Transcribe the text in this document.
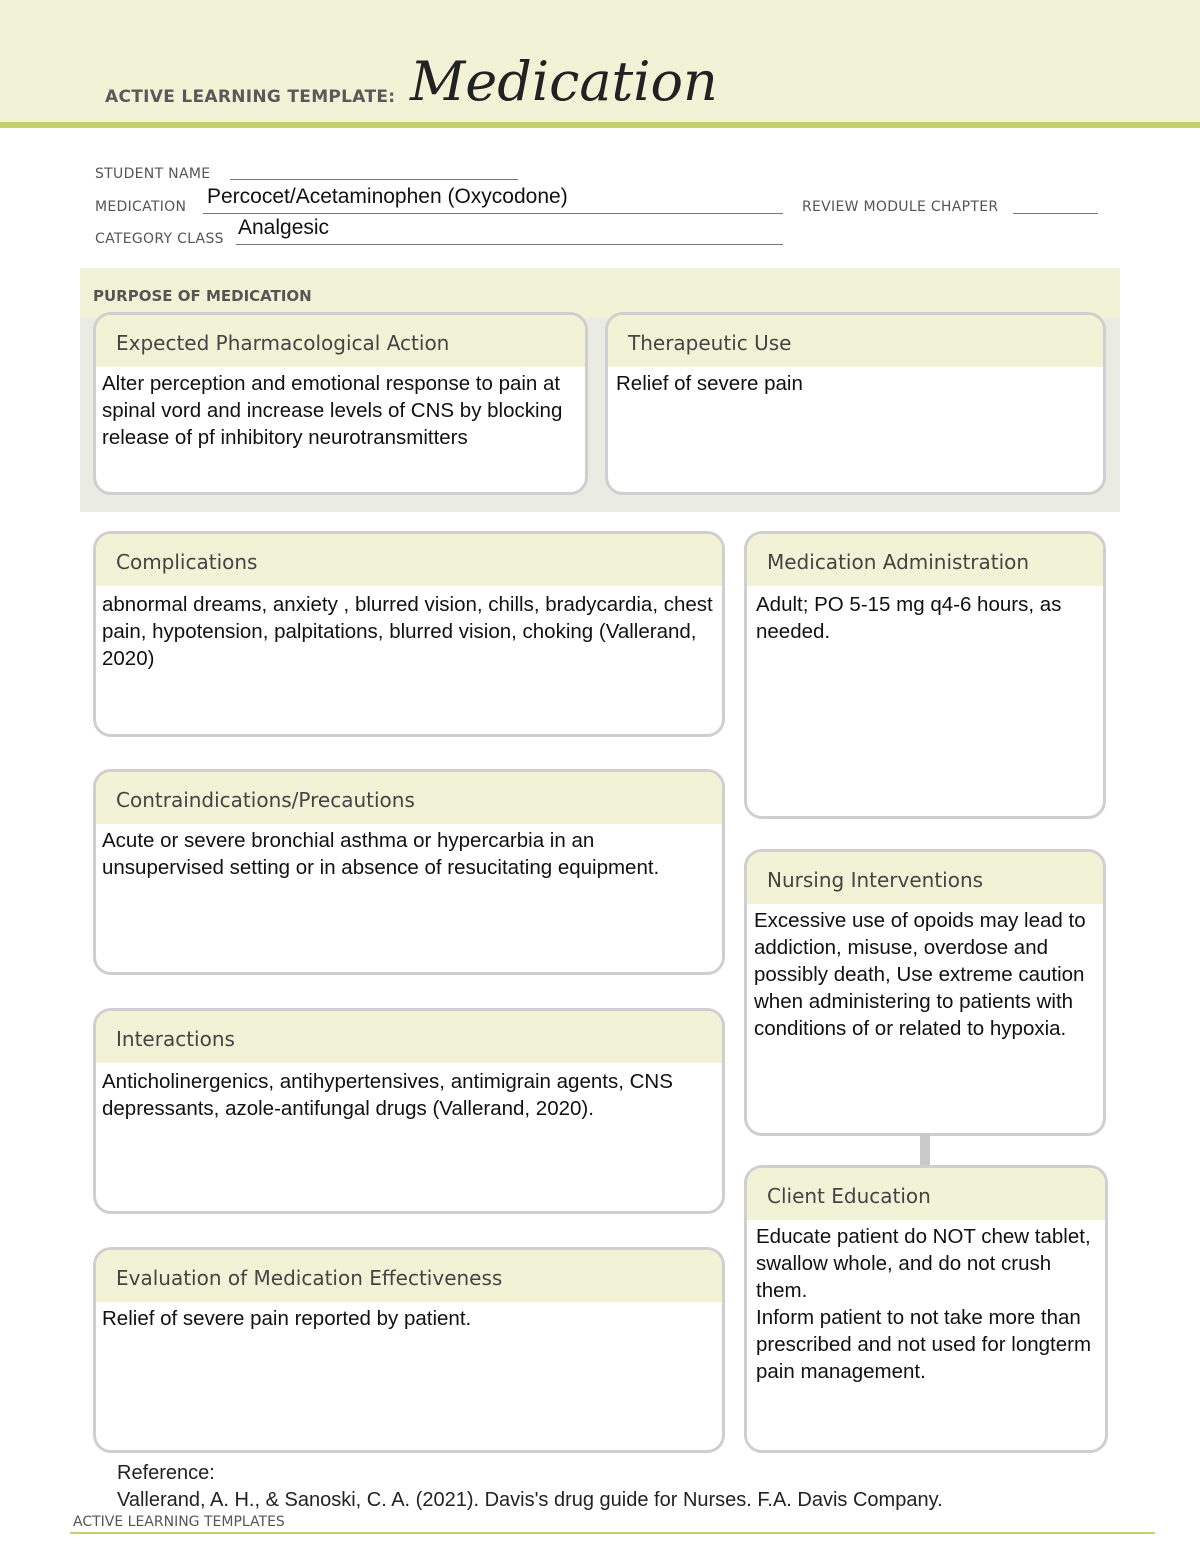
ACTIVE LEARNING TEMPLATE: Medication
STUDENT NAME
MEDICATION Percocet/Acetaminophen (Oxycodone)	REVIEW MODULE CHAPTER
CATEGORY CLASS Analgesic
PURPOSE OF MEDICATION
Expected Pharmacological Action
Alter perception and emotional response to pain at spinal vord and increase levels of CNS by blocking release of pf inhibitory neurotransmitters
Therapeutic Use
Relief of severe pain
Complications
abnormal dreams, anxiety , blurred vision, chills, bradycardia, chest pain, hypotension, palpitations, blurred vision, choking (Vallerand, 2020)
Contraindications/Precautions
Acute or severe bronchial asthma or hypercarbia in an unsupervised setting or in absence of resucitating equipment.
Interactions
Anticholinergenics, antihypertensives, antimigrain agents, CNS depressants, azole-antifungal drugs (Vallerand, 2020).
Evaluation of Medication Effectiveness
Relief of severe pain reported by patient.
Medication Administration
Adult; PO 5-15 mg q4-6 hours, as needed.
Nursing Interventions
Excessive use of opoids may lead to addiction, misuse, overdose and possibly death, Use extreme caution when administering to patients with conditions of or related to hypoxia.
Client Education
Educate patient do NOT chew tablet, swallow whole, and do not crush them.
Inform patient to not take more than prescribed and not used for longterm pain management.
Reference:
Vallerand, A. H., & Sanoski, C. A. (2021). Davis's drug guide for Nurses. F.A. Davis Company.
ACTIVE LEARNING TEMPLATES
